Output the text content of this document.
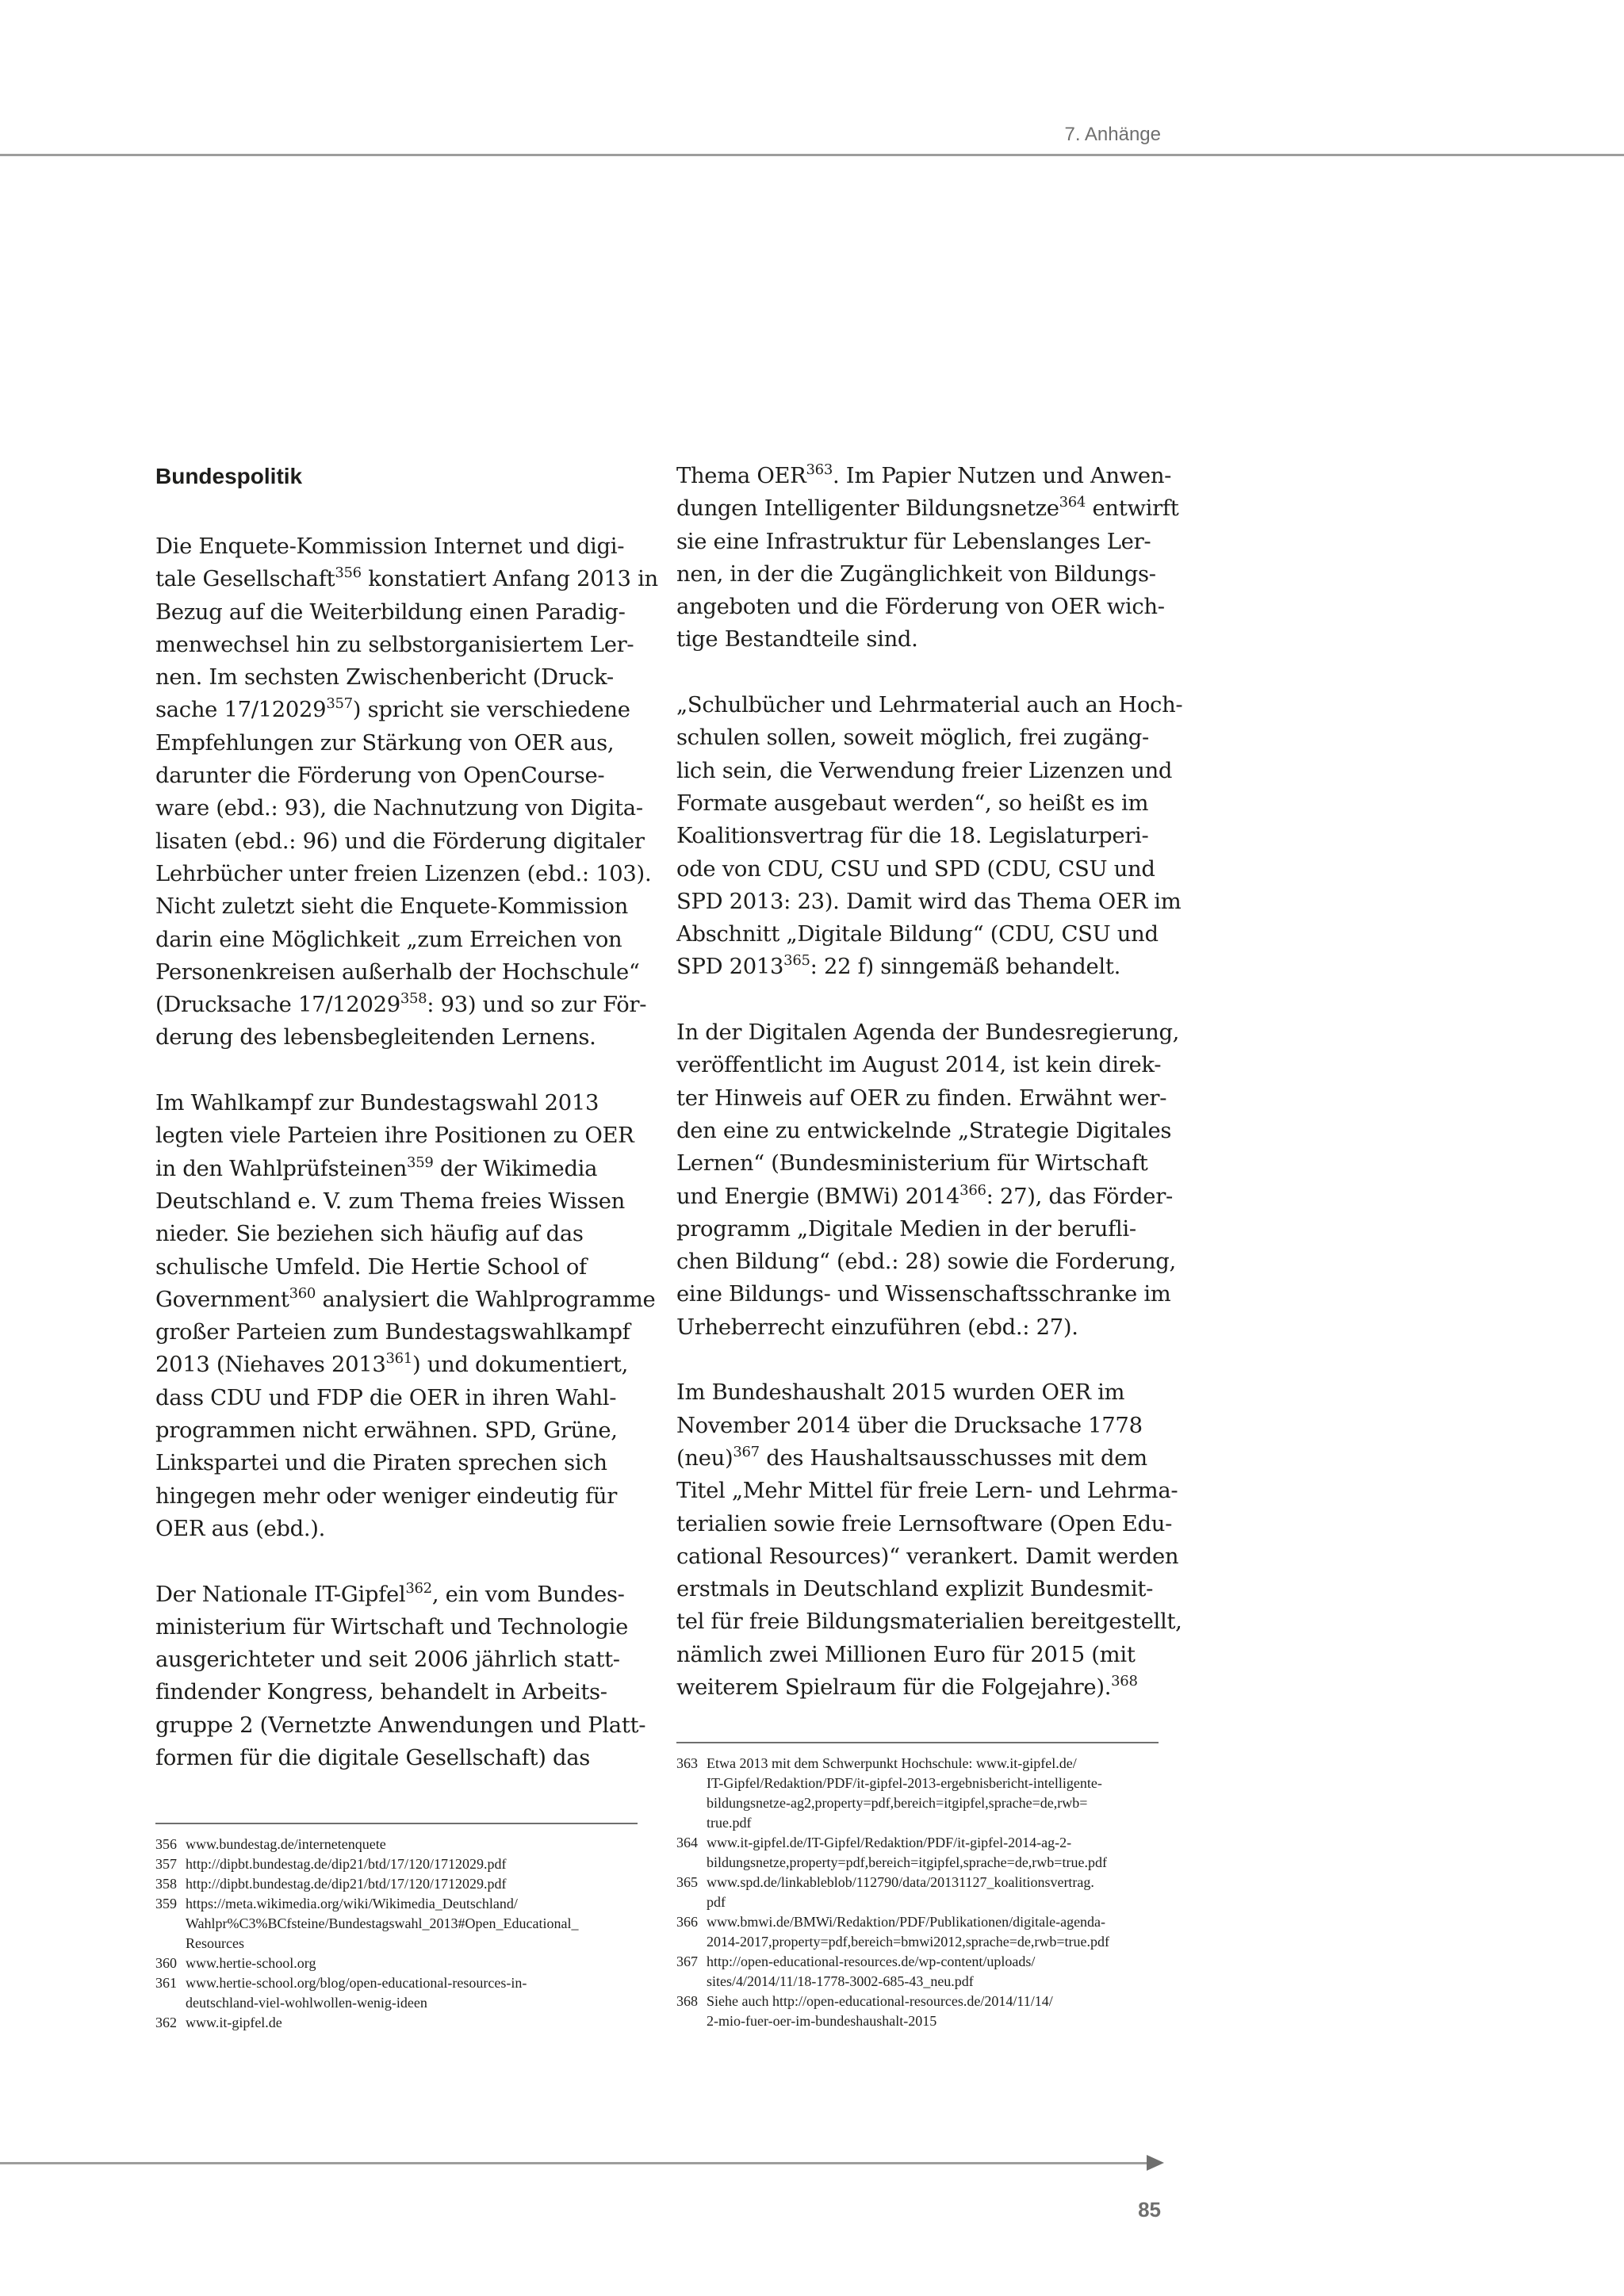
7. Anhänge
Bundespolitik

Die Enquete-Kommission Internet und digi-
tale Gesellschaft$^{356}$ konstatiert Anfang 2013 in
Bezug auf die Weiterbildung einen Paradig-
menwechsel hin zu selbstorganisiertem Ler-
nen. Im sechsten Zwischenbericht (Druck-
sache 17/12029$^{357}$) spricht sie verschiedene
Empfehlungen zur Stärkung von OER aus,
darunter die Förderung von OpenCourse-
ware (ebd.: 93), die Nachnutzung von Digita-
lisaten (ebd.: 96) und die Förderung digitaler
Lehrbücher unter freien Lizenzen (ebd.: 103).
Nicht zuletzt sieht die Enquete-Kommission
darin eine Möglichkeit „zum Erreichen von
Personenkreisen außerhalb der Hochschule“
(Drucksache 17/12029$^{358}$: 93) und so zur För-
derung des lebensbegleitenden Lernens.

Im Wahlkampf zur Bundestagswahl 2013
legten viele Parteien ihre Positionen zu OER
in den Wahlprüfsteinen$^{359}$ der Wikimedia
Deutschland e. V. zum Thema freies Wissen
nieder. Sie beziehen sich häufig auf das
schulische Umfeld. Die Hertie School of
Government$^{360}$ analysiert die Wahlprogramme
großer Parteien zum Bundestagswahlkampf
2013 (Niehaves 2013$^{361}$) und dokumentiert,
dass CDU und FDP die OER in ihren Wahl-
programmen nicht erwähnen. SPD, Grüne,
Linkspartei und die Piraten sprechen sich
hingegen mehr oder weniger eindeutig für
OER aus (ebd.).

Der Nationale IT-Gipfel$^{362}$, ein vom Bundes-
ministerium für Wirtschaft und Technologie
ausgerichteter und seit 2006 jährlich statt-
findender Kongress, behandelt in Arbeits-
gruppe 2 (Vernetzte Anwendungen und Platt-
formen für die digitale Gesellschaft) das

Thema OER$^{363}$. Im Papier Nutzen und Anwen-
dungen Intelligenter Bildungsnetze$^{364}$ entwirft
sie eine Infrastruktur für Lebenslanges Ler-
nen, in der die Zugänglichkeit von Bildungs-
angeboten und die Förderung von OER wich-
tige Bestandteile sind.

„Schulbücher und Lehrmaterial auch an Hoch-
schulen sollen, soweit möglich, frei zugäng-
lich sein, die Verwendung freier Lizenzen und
Formate ausgebaut werden“, so heißt es im
Koalitionsvertrag für die 18. Legislaturperi-
ode von CDU, CSU und SPD (CDU, CSU und
SPD 2013: 23). Damit wird das Thema OER im
Abschnitt „Digitale Bildung“ (CDU, CSU und
SPD 2013$^{365}$: 22 f) sinngemäß behandelt.

In der Digitalen Agenda der Bundesregierung,
veröffentlicht im August 2014, ist kein direk-
ter Hinweis auf OER zu finden. Erwähnt wer-
den eine zu entwickelnde „Strategie Digitales
Lernen“ (Bundesministerium für Wirtschaft
und Energie (BMWi) 2014$^{366}$: 27), das Förder-
programm „Digitale Medien in der berufli-
chen Bildung“ (ebd.: 28) sowie die Forderung,
eine Bildungs- und Wissenschaftsschranke im
Urheberrecht einzuführen (ebd.: 27).

Im Bundeshaushalt 2015 wurden OER im
November 2014 über die Drucksache 1778
(neu)$^{367}$ des Haushaltsausschusses mit dem
Titel „Mehr Mittel für freie Lern- und Lehrma-
terialien sowie freie Lernsoftware (Open Edu-
cational Resources)“ verankert. Damit werden
erstmals in Deutschland explizit Bundesmit-
tel für freie Bildungsmaterialien bereitgestellt,
nämlich zwei Millionen Euro für 2015 (mit
weiterem Spielraum für die Folgejahre).$^{368}$

356 www.bundestag.de/internetenquete
357 http://dipbt.bundestag.de/dip21/btd/17/120/1712029.pdf
358 http://dipbt.bundestag.de/dip21/btd/17/120/1712029.pdf
359 https://meta.wikimedia.org/wiki/Wikimedia_Deutschland/
Wahlpr%C3%BCfsteine/Bundestagswahl_2013#Open_Educational_
Resources
360 www.hertie-school.org
361 www.hertie-school.org/blog/open-educational-resources-in-
deutschland-viel-wohlwollen-wenig-ideen
362 www.it-gipfel.de
363 Etwa 2013 mit dem Schwerpunkt Hochschule: www.it-gipfel.de/
IT-Gipfel/Redaktion/PDF/it-gipfel-2013-ergebnisbericht-intelligente-
bildungsnetze-ag2,property=pdf,bereich=itgipfel,sprache=de,rwb=
true.pdf
364 www.it-gipfel.de/IT-Gipfel/Redaktion/PDF/it-gipfel-2014-ag-2-
bildungsnetze,property=pdf,bereich=itgipfel,sprache=de,rwb=true.pdf
365 www.spd.de/linkableblob/112790/data/20131127_koalitionsvertrag.
pdf
366 www.bmwi.de/BMWi/Redaktion/PDF/Publikationen/digitale-agenda-
2014-2017,property=pdf,bereich=bmwi2012,sprache=de,rwb=true.pdf
367 http://open-educational-resources.de/wp-content/uploads/
sites/4/2014/11/18-1778-3002-685-43_neu.pdf
368 Siehe auch http://open-educational-resources.de/2014/11/14/
2-mio-fuer-oer-im-bundeshaushalt-2015
85
